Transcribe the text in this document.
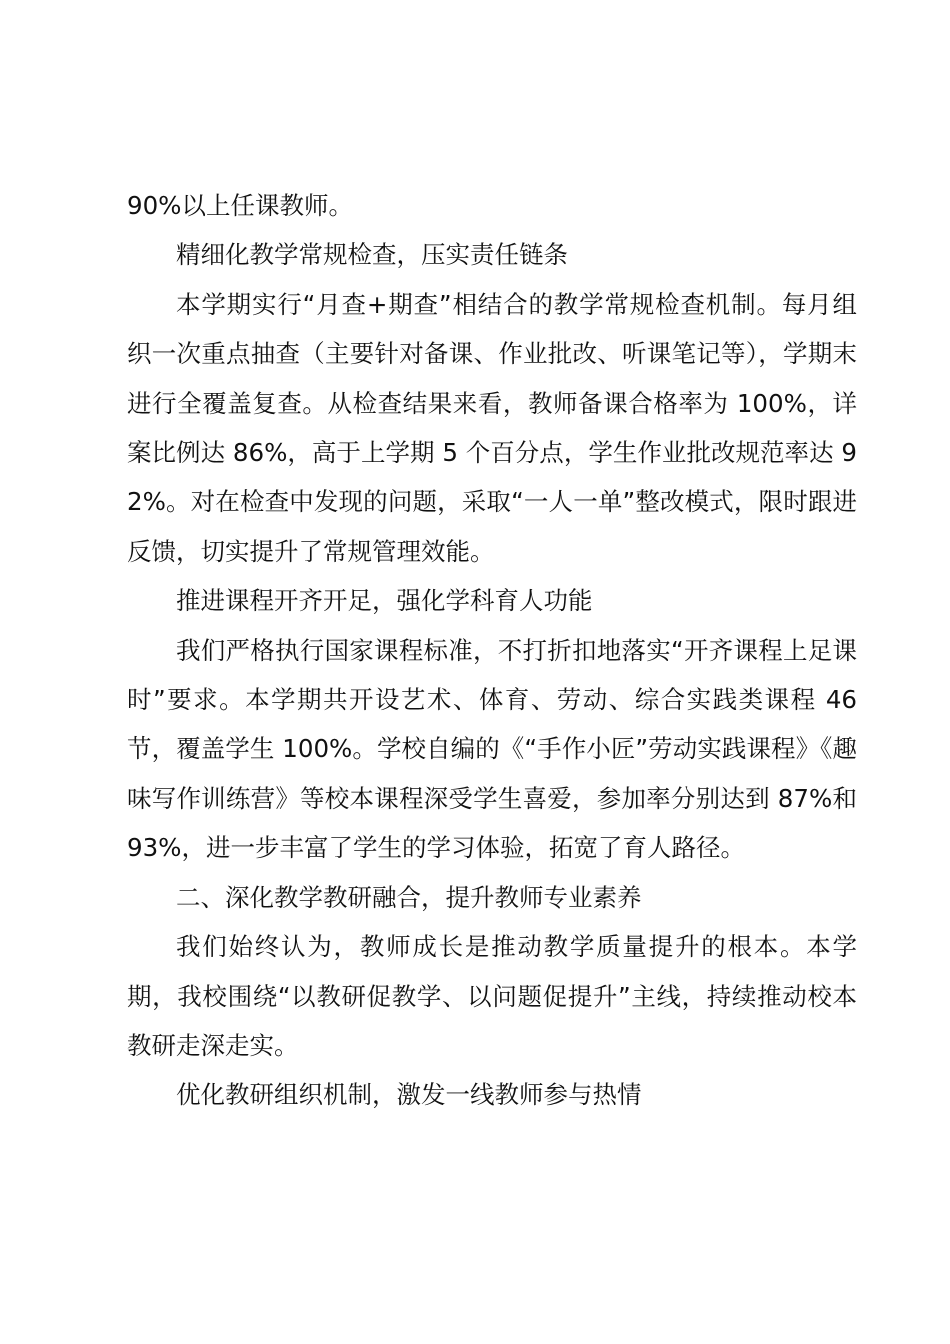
90%以上任课教师。

精细化教学常规检查，压实责任链条

本学期实行“月查+期查”相结合的教学常规检查机制。每月组织一次重点抽查（主要针对备课、作业批改、听课笔记等），学期末进行全覆盖复查。从检查结果来看，教师备课合格率为 100%，详案比例达 86%，高于上学期 5 个百分点，学生作业批改规范率达 92%。对在检查中发现的问题，采取“一人一单”整改模式，限时跟进反馈，切实提升了常规管理效能。

推进课程开齐开足，强化学科育人功能

我们严格执行国家课程标准，不打折扣地落实“开齐课程上足课时”要求。本学期共开设艺术、体育、劳动、综合实践类课程 46 节，覆盖学生 100%。学校自编的《“手作小匠”劳动实践课程》《趣味写作训练营》等校本课程深受学生喜爱，参加率分别达到 87%和 93%，进一步丰富了学生的学习体验，拓宽了育人路径。

二、深化教学教研融合，提升教师专业素养

我们始终认为，教师成长是推动教学质量提升的根本。本学期，我校围绕“以教研促教学、以问题促提升”主线，持续推动校本教研走深走实。

优化教研组织机制，激发一线教师参与热情
